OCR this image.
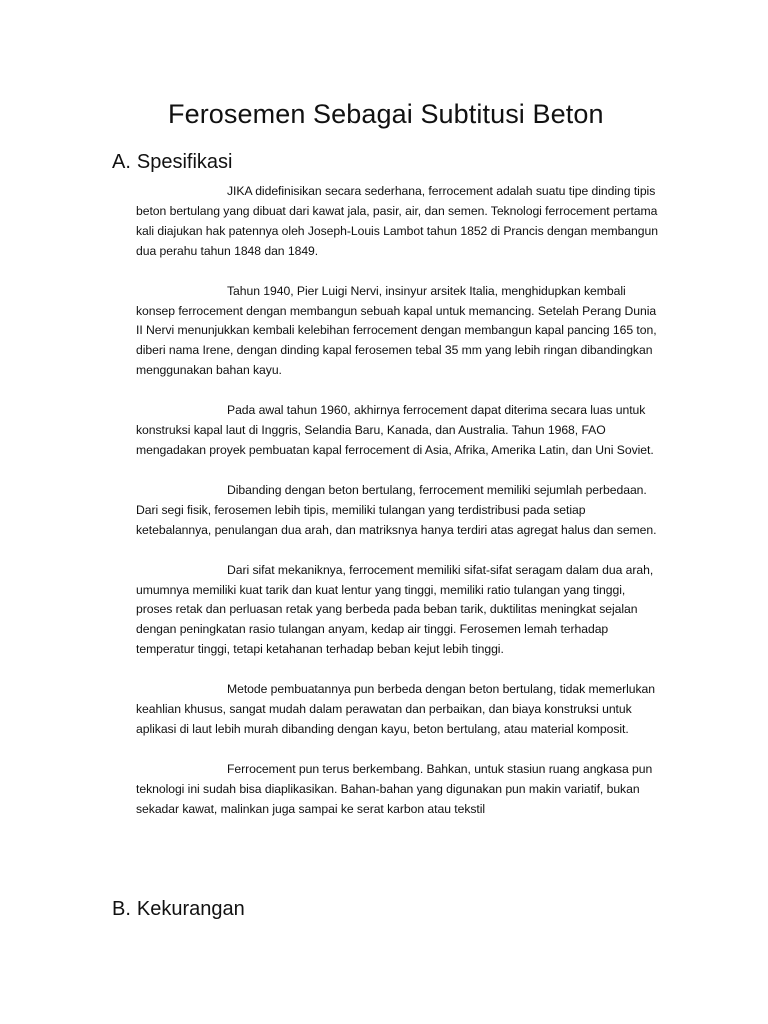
Ferosemen Sebagai Subtitusi Beton
A. Spesifikasi

JIKA didefinisikan secara sederhana, ferrocement adalah suatu tipe dinding tipis beton bertulang yang dibuat dari kawat jala, pasir, air, dan semen. Teknologi ferrocement pertama kali diajukan hak patennya oleh Joseph-Louis Lambot tahun 1852 di Prancis dengan membangun dua perahu tahun 1848 dan 1849.

Tahun 1940, Pier Luigi Nervi, insinyur arsitek Italia, menghidupkan kembali konsep ferrocement dengan membangun sebuah kapal untuk memancing. Setelah Perang Dunia II Nervi menunjukkan kembali kelebihan ferrocement dengan membangun kapal pancing 165 ton, diberi nama Irene, dengan dinding kapal ferosemen tebal 35 mm yang lebih ringan dibandingkan menggunakan bahan kayu.

Pada awal tahun 1960, akhirnya ferrocement dapat diterima secara luas untuk konstruksi kapal laut di Inggris, Selandia Baru, Kanada, dan Australia. Tahun 1968, FAO mengadakan proyek pembuatan kapal ferrocement di Asia, Afrika, Amerika Latin, dan Uni Soviet.

Dibanding dengan beton bertulang, ferrocement memiliki sejumlah perbedaan. Dari segi fisik, ferosemen lebih tipis, memiliki tulangan yang terdistribusi pada setiap ketebalannya, penulangan dua arah, dan matriksnya hanya terdiri atas agregat halus dan semen.

Dari sifat mekaniknya, ferrocement memiliki sifat-sifat seragam dalam dua arah, umumnya memiliki kuat tarik dan kuat lentur yang tinggi, memiliki ratio tulangan yang tinggi, proses retak dan perluasan retak yang berbeda pada beban tarik, duktilitas meningkat sejalan dengan peningkatan rasio tulangan anyam, kedap air tinggi. Ferosemen lemah terhadap temperatur tinggi, tetapi ketahanan terhadap beban kejut lebih tinggi.

Metode pembuatannya pun berbeda dengan beton bertulang, tidak memerlukan keahlian khusus, sangat mudah dalam perawatan dan perbaikan, dan biaya konstruksi untuk aplikasi di laut lebih murah dibanding dengan kayu, beton bertulang, atau material komposit.

Ferrocement pun terus berkembang. Bahkan, untuk stasiun ruang angkasa pun teknologi ini sudah bisa diaplikasikan. Bahan-bahan yang digunakan pun makin variatif, bukan sekadar kawat, malinkan juga sampai ke serat karbon atau tekstil

B. Kekurangan
